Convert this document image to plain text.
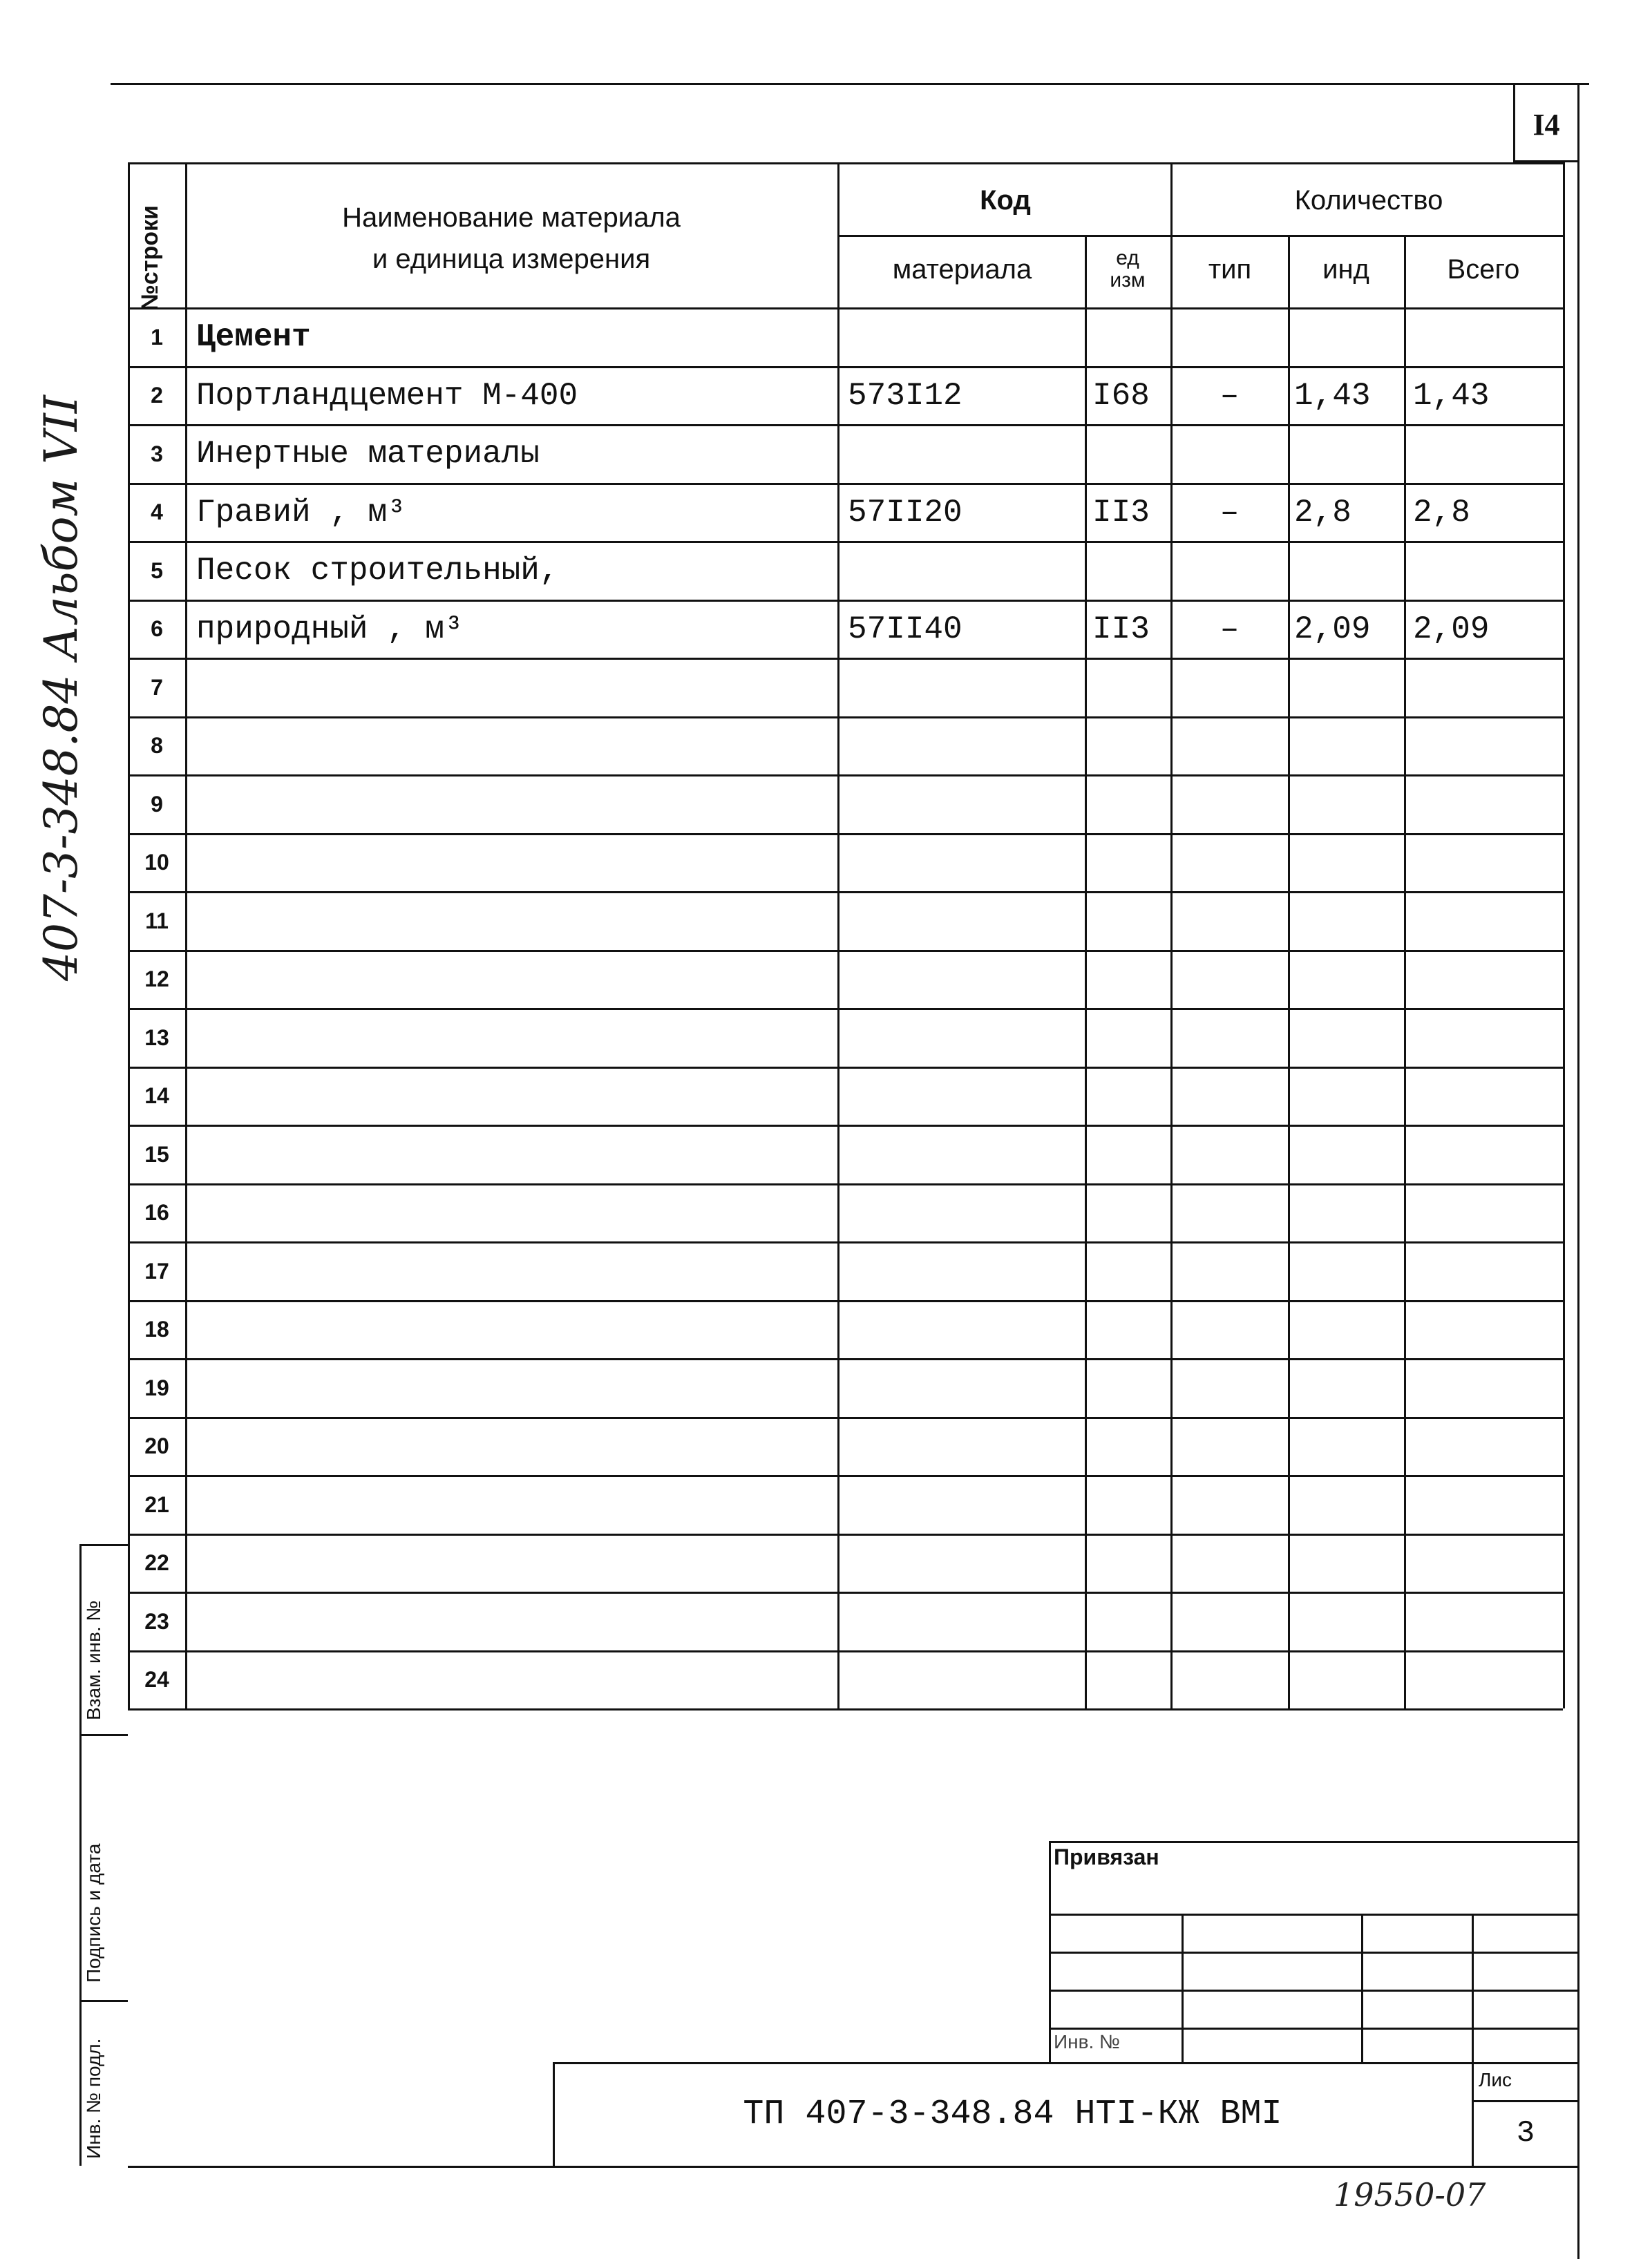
I4
№строки	Наименование материала
и единица измерения
Код
материала	ед изм
Количество
тип	инд	Всего
1	Цемент
2	Портландцемент М-400	573I12	I68	–	1,43	1,43
3	Инертные материалы
4	Гравий , м³	57II20	II3	–	2,8	2,8
5	Песок строительный,
6	природный , м³	57II40	II3	–	2,09	2,09
7
8
9
10
11
12
13
14
15
16
17
18
19
20
21
22
23
24
Взам. инв. №
Подпись и дата
Инв. № подл.
407-3-348.84 Альбом VII
Привязан
Инв. №
ТП 407-3-348.84 НТI-КЖ ВМI
Лис
3
19550-07
